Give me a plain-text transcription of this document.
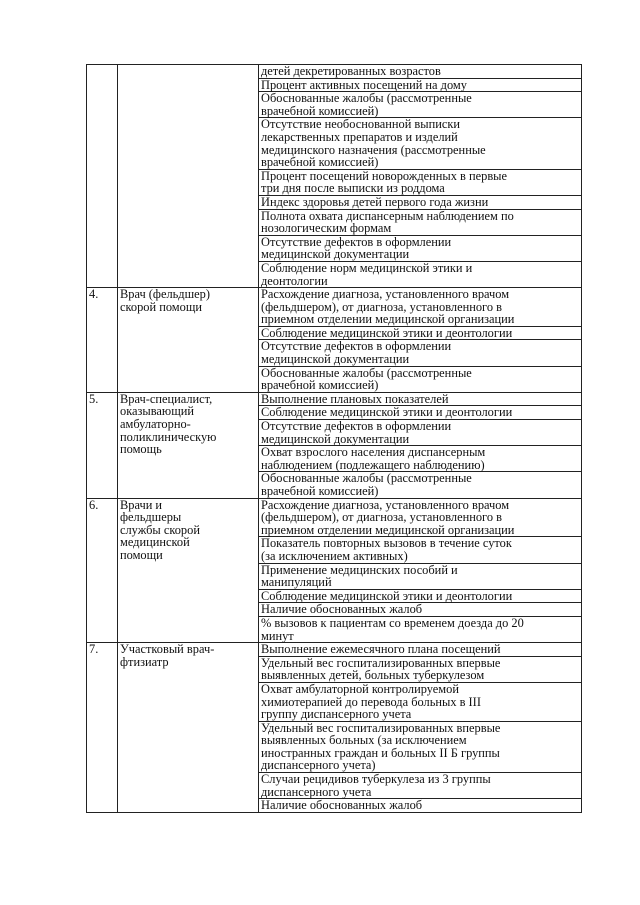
		детей декретированных возрастов
		Процент активных посещений на дому
		Обоснованные жалобы (рассмотренные
врачебной комиссией)
		Отсутствие необоснованной выписки
лекарственных препаратов и изделий
медицинского назначения (рассмотренные
врачебной комиссией)
		Процент посещений новорожденных в первые
три дня после выписки из роддома
		Индекс здоровья детей первого года жизни
		Полнота охвата диспансерным наблюдением по
нозологическим формам
		Отсутствие дефектов в оформлении
медицинской документации
		Соблюдение норм медицинской этики и
деонтологии
4.	Врач (фельдшер)
скорой помощи	Расхождение диагноза, установленного врачом
(фельдшером), от диагноза, установленного в
приемном отделении медицинской организации
		Соблюдение медицинской этики и деонтологии
		Отсутствие дефектов в оформлении
медицинской документации
		Обоснованные жалобы (рассмотренные
врачебной комиссией)
5.	Врач-специалист,
оказывающий
амбулаторно-
поликлиническую
помощь	Выполнение плановых показателей
		Соблюдение медицинской этики и деонтологии
		Отсутствие дефектов в оформлении
медицинской документации
		Охват взрослого населения диспансерным
наблюдением (подлежащего наблюдению)
		Обоснованные жалобы (рассмотренные
врачебной комиссией)
6.	Врачи и
фельдшеры
службы скорой
медицинской
помощи	Расхождение диагноза, установленного врачом
(фельдшером), от диагноза, установленного в
приемном отделении медицинской организации
		Показатель повторных вызовов в течение суток
(за исключением активных)
		Применение медицинских пособий и
манипуляций
		Соблюдение медицинской этики и деонтологии
		Наличие обоснованных жалоб
		% вызовов к пациентам со временем доезда до 20
минут
7.	Участковый врач-
фтизиатр	Выполнение ежемесячного плана посещений
		Удельный вес госпитализированных впервые
выявленных детей, больных туберкулезом
		Охват амбулаторной контролируемой
химиотерапией до перевода больных в III
группу диспансерного учета
		Удельный вес госпитализированных впервые
выявленных больных (за исключением
иностранных граждан и больных II Б группы
диспансерного учета)
		Случаи рецидивов туберкулеза из 3 группы
диспансерного учета
		Наличие обоснованных жалоб
